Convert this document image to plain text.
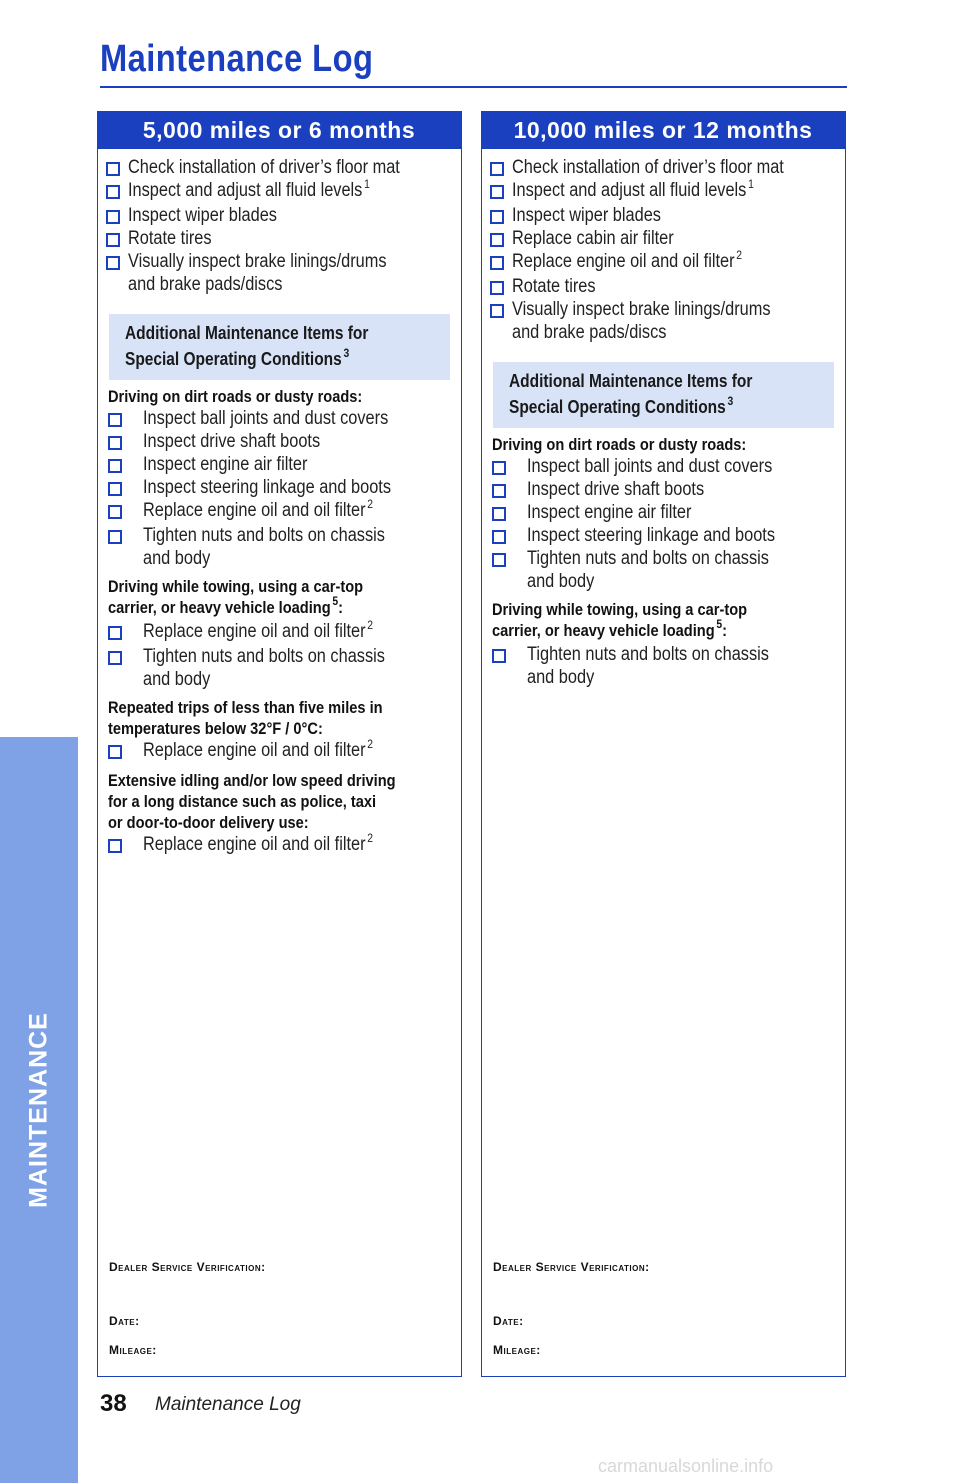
Maintenance Log
MAINTENANCE
5,000 miles or 6 months
Check installation of driver’s floor mat
Inspect and adjust all fluid levels $^1$
Inspect wiper blades
Rotate tires
Visually inspect brake linings/drums
and brake pads/discs
Additional Maintenance Items for
Special Operating Conditions $^3$
Driving on dirt roads or dusty roads:
Inspect ball joints and dust covers
Inspect drive shaft boots
Inspect engine air filter
Inspect steering linkage and boots
Replace engine oil and oil filter $^2$
Tighten nuts and bolts on chassis
and body
Driving while towing, using a car-top
carrier, or heavy vehicle loading $^5$:
Replace engine oil and oil filter $^2$
Tighten nuts and bolts on chassis
and body
Repeated trips of less than five miles in
temperatures below 32°F / 0°C:
Replace engine oil and oil filter $^2$
Extensive idling and/or low speed driving
for a long distance such as police, taxi
or door-to-door delivery use:
Replace engine oil and oil filter $^2$
Dealer Service Verification:
Date:
Mileage:
10,000 miles or 12 months
Check installation of driver’s floor mat
Inspect and adjust all fluid levels $^1$
Inspect wiper blades
Replace cabin air filter
Replace engine oil and oil filter $^2$
Rotate tires
Visually inspect brake linings/drums
and brake pads/discs
Additional Maintenance Items for
Special Operating Conditions $^3$
Driving on dirt roads or dusty roads:
Inspect ball joints and dust covers
Inspect drive shaft boots
Inspect engine air filter
Inspect steering linkage and boots
Tighten nuts and bolts on chassis
and body
Driving while towing, using a car-top
carrier, or heavy vehicle loading $^5$:
Tighten nuts and bolts on chassis
and body
Dealer Service Verification:
Date:
Mileage:
38 Maintenance Log
carmanualsonline.info
